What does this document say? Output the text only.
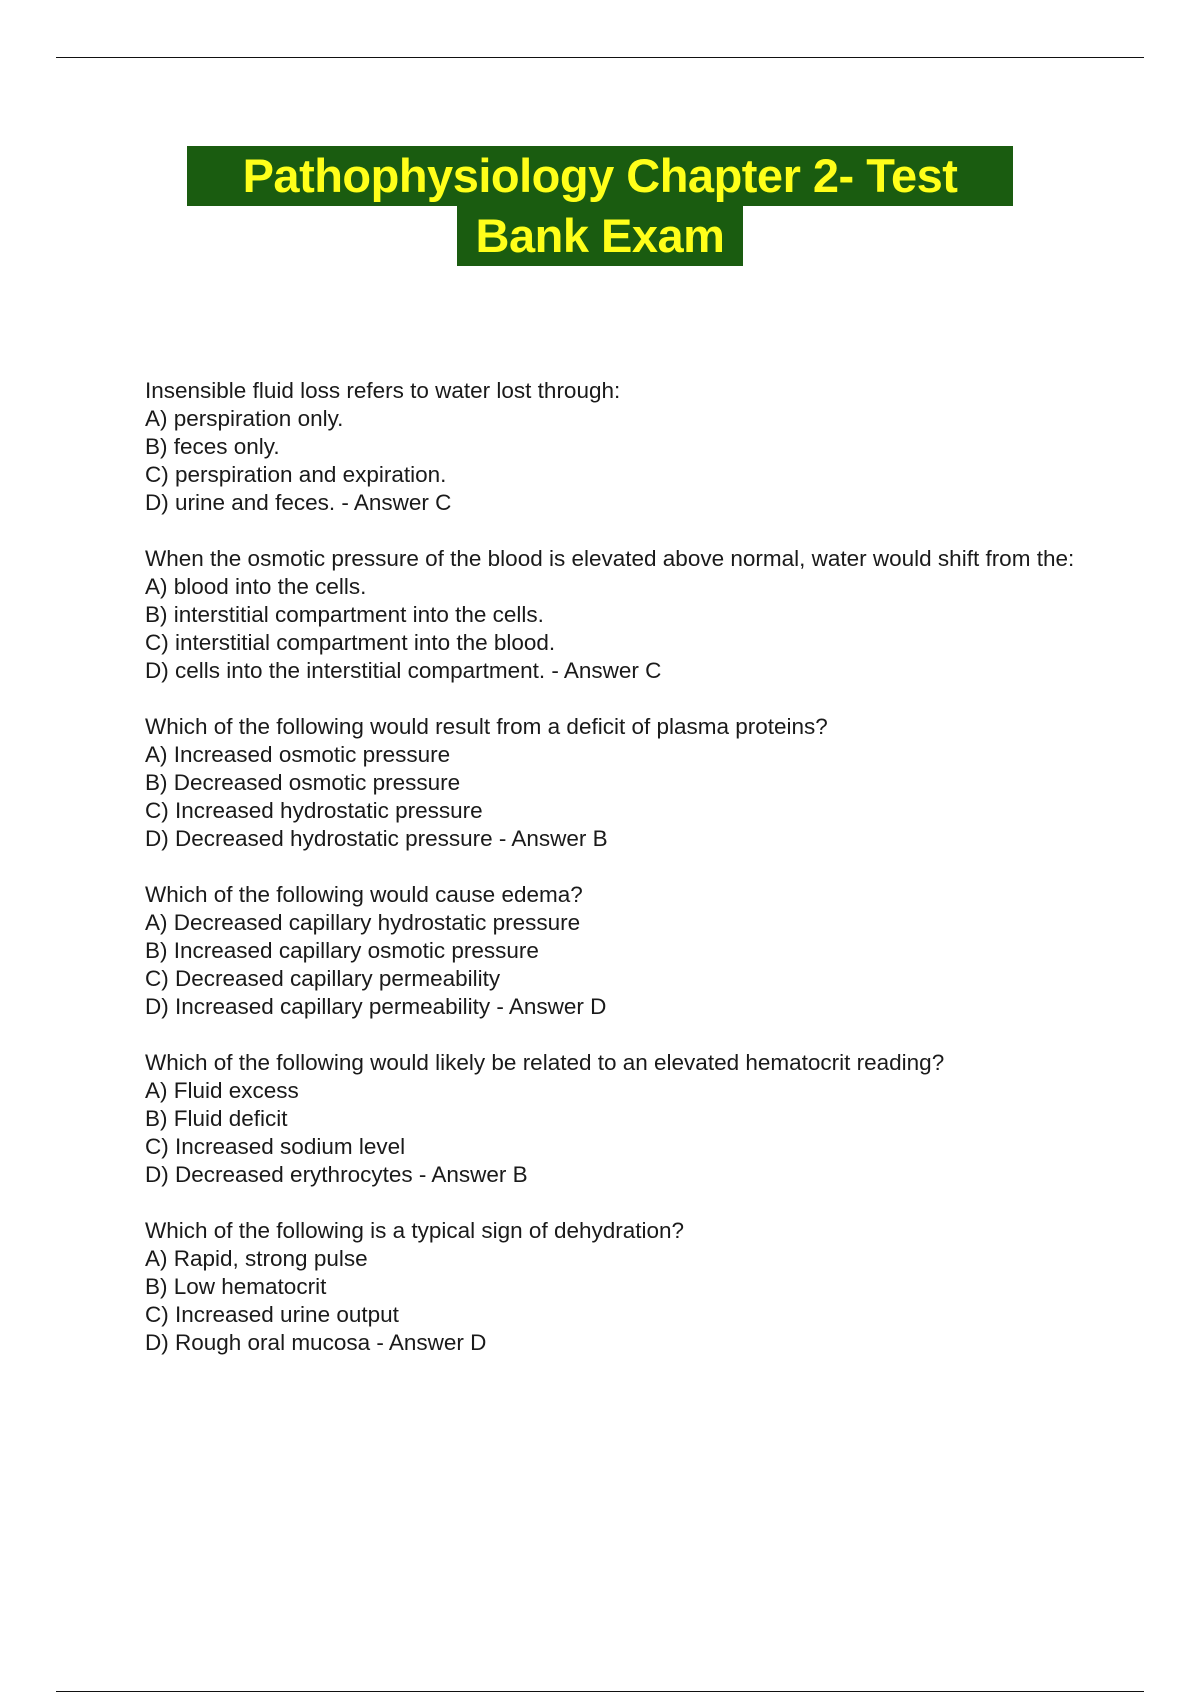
Pathophysiology Chapter 2- Test
Bank Exam
Insensible fluid loss refers to water lost through:
A) perspiration only.
B) feces only.
C) perspiration and expiration.
D) urine and feces. - Answer C
When the osmotic pressure of the blood is elevated above normal, water would shift from the:
A) blood into the cells.
B) interstitial compartment into the cells.
C) interstitial compartment into the blood.
D) cells into the interstitial compartment. - Answer C
Which of the following would result from a deficit of plasma proteins?
A) Increased osmotic pressure
B) Decreased osmotic pressure
C) Increased hydrostatic pressure
D) Decreased hydrostatic pressure - Answer B
Which of the following would cause edema?
A) Decreased capillary hydrostatic pressure
B) Increased capillary osmotic pressure
C) Decreased capillary permeability
D) Increased capillary permeability - Answer D
Which of the following would likely be related to an elevated hematocrit reading?
A) Fluid excess
B) Fluid deficit
C) Increased sodium level
D) Decreased erythrocytes - Answer B
Which of the following is a typical sign of dehydration?
A) Rapid, strong pulse
B) Low hematocrit
C) Increased urine output
D) Rough oral mucosa - Answer D
